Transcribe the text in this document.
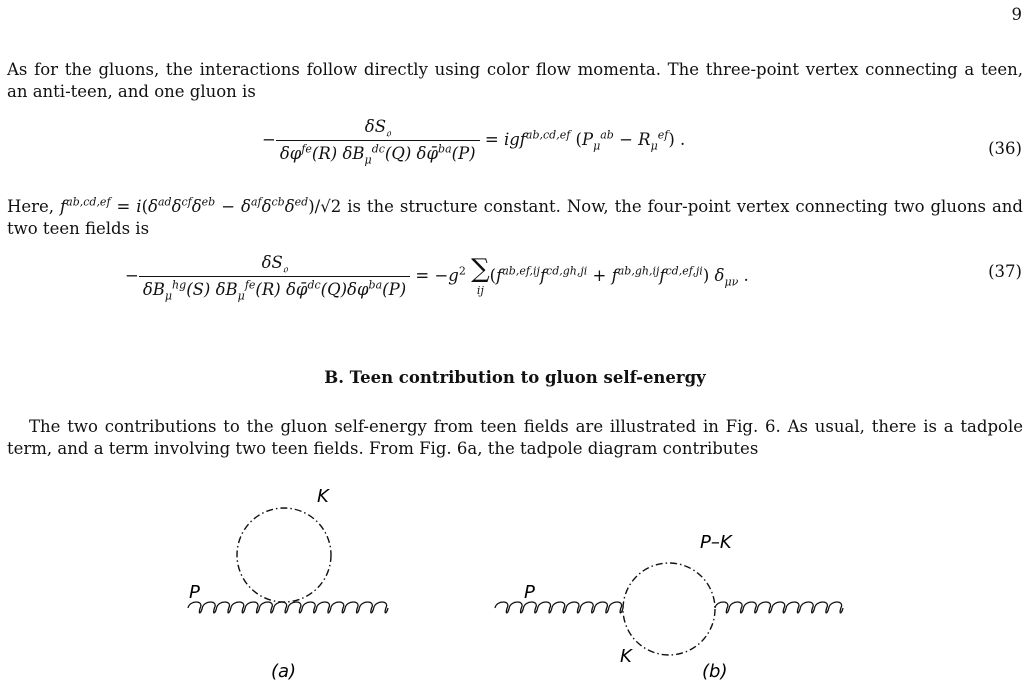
9
As for the gluons, the interactions follow directly using color flow momenta. The three-point vertex connecting a teen, an anti-teen, and one gluon is
− $\frac{\delta S_𝔬}{\delta\varphi^{fe}(R) \delta B_\mu^{dc}(Q) \delta\varphī^{ba}(P)} = igf^{ab,cd,ef}$ $(P_\mu^{ab} - R_\mu^{ef})$ .	(36)
Here, $f^{ab,cd,ef} = i(\delta^{ad}\delta^{cf}\delta^{eb} - \delta^{af}\delta^{cb}\delta^{ed})/√2$ is the structure constant. Now, the four-point vertex connecting two gluons and two teen fields is
− $\frac{\delta S_𝔬}{\delta B_\mu^{hg}(S) \delta B_\mu^{fe}(R) \delta\varphī^{dc}(Q)\delta\varphi^{ba}(P)} = -g^2$ ∑
ij
$(f^{ab,ef,ij}f^{cd,gh,ji} + f^{ab,gh,ij}f^{cd,ef,ji})$ $\delta_{\mu\nu}$ .	(37)
B. Teen contribution to gluon self-energy
The two contributions to the gluon self-energy from teen fields are illustrated in Fig. 6. As usual, there is a tadpole term, and a term involving two teen fields. From Fig. 6a, the tadpole diagram contributes
K
P
(a)
P–K
P
K
(b)
